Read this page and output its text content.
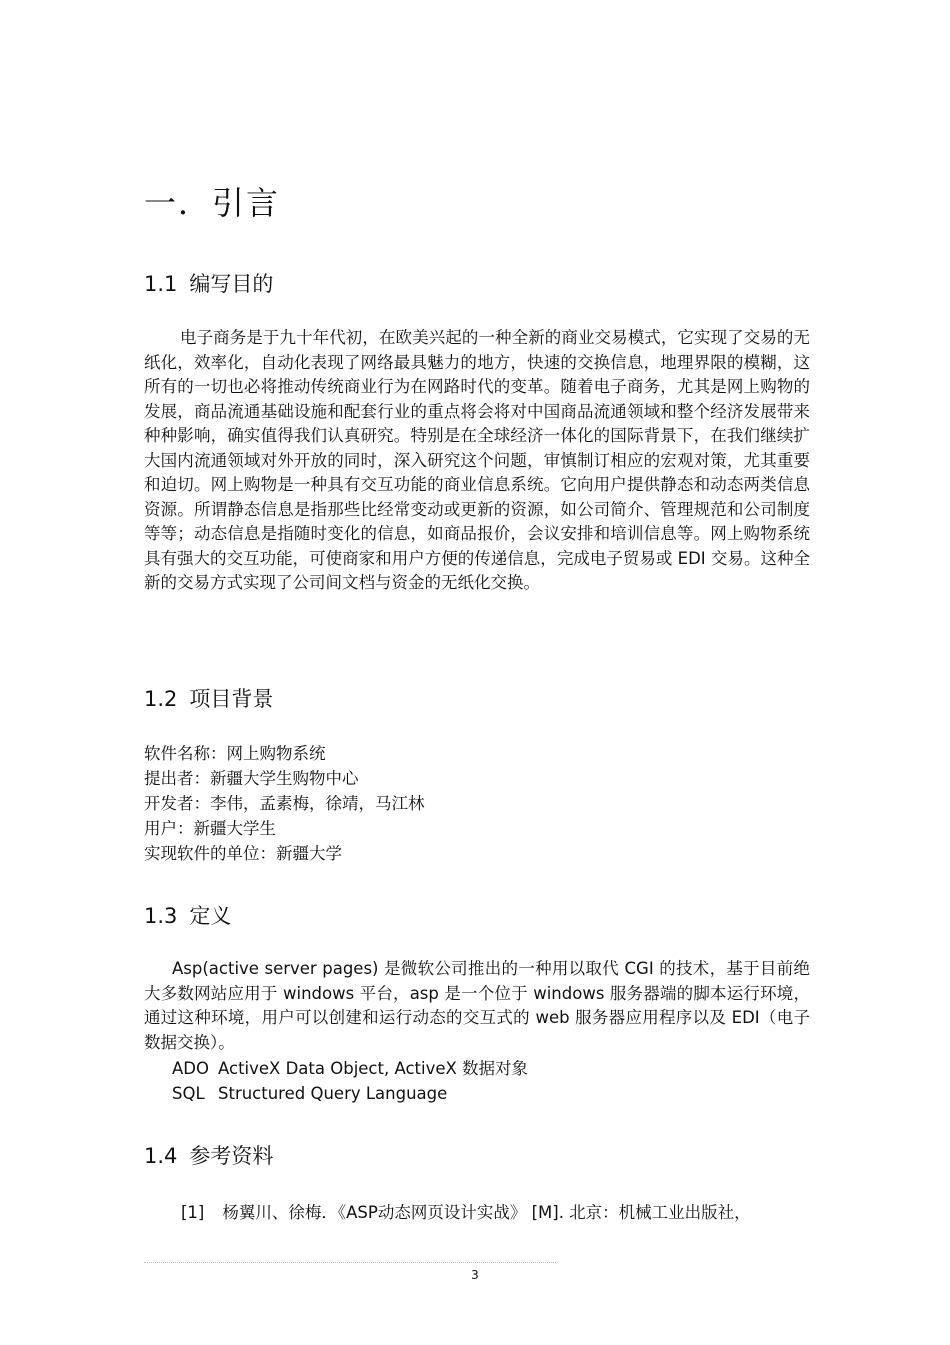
一．引言
1.1 编写目的

电子商务是于九十年代初，在欧美兴起的一种全新的商业交易模式，它实现了交易的无纸化，效率化，自动化表现了网络最具魅力的地方，快速的交换信息，地理界限的模糊，这所有的一切也必将推动传统商业行为在网路时代的变革。随着电子商务，尤其是网上购物的发展，商品流通基础设施和配套行业的重点将会将对中国商品流通领域和整个经济发展带来种种影响，确实值得我们认真研究。特别是在全球经济一体化的国际背景下，在我们继续扩大国内流通领域对外开放的同时，深入研究这个问题，审慎制订相应的宏观对策，尤其重要和迫切。网上购物是一种具有交互功能的商业信息系统。它向用户提供静态和动态两类信息资源。所谓静态信息是指那些比经常变动或更新的资源，如公司简介、管理规范和公司制度等等；动态信息是指随时变化的信息，如商品报价，会议安排和培训信息等。网上购物系统具有强大的交互功能，可使商家和用户方便的传递信息，完成电子贸易或 EDI 交易。这种全新的交易方式实现了公司间文档与资金的无纸化交换。

1.2 项目背景
软件名称：网上购物系统
提出者：新疆大学生购物中心
开发者：李伟，孟素梅，徐靖，马江林
用户：新疆大学生
实现软件的单位：新疆大学
1.3 定义

Asp(active server pages) 是微软公司推出的一种用以取代 CGI 的技术，基于目前绝大多数网站应用于 windows 平台，asp 是一个位于 windows 服务器端的脚本运行环境，通过这种环境，用户可以创建和运行动态的交互式的 web 服务器应用程序以及 EDI（电子数据交换）。

ADO ActiveX Data Object, ActiveX 数据对象
SQL Structured Query Language
1.4 参考资料
[1] 杨翼川、徐梅．《ASP动态网页设计实战》 [M]. 北京：机械工业出版社，
3
